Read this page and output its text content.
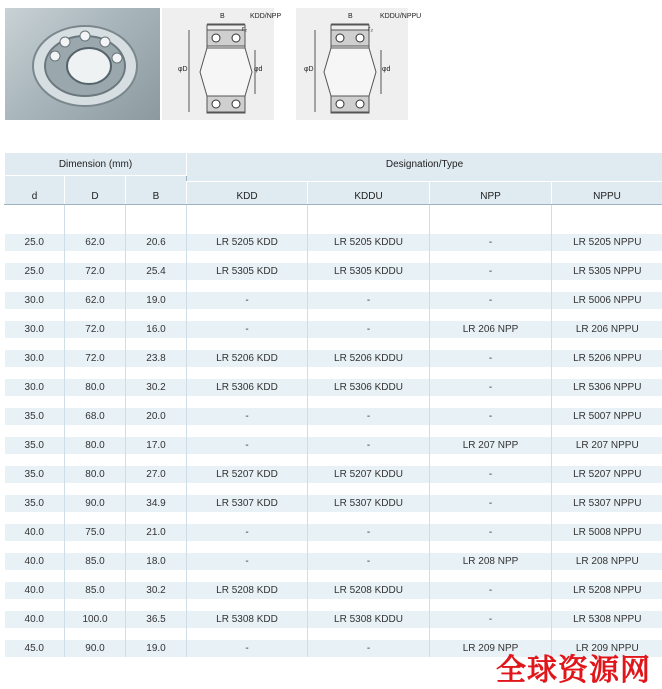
B	KDD/NPP
φD	φd
r₂
B	KDDU/NPPU
φD	φd
r₂
Dimension (mm)			Designation/Type			
d	D	B				
			KDD	KDDU	NPP	NPPU

25.0	62.0	20.6	LR 5205 KDD	LR 5205 KDDU	-	LR 5205 NPPU

25.0	72.0	25.4	LR 5305 KDD	LR 5305 KDDU	-	LR 5305 NPPU

30.0	62.0	19.0	-	-	-	LR 5006 NPPU

30.0	72.0	16.0	-	-	LR 206 NPP	LR 206 NPPU

30.0	72.0	23.8	LR 5206 KDD	LR 5206 KDDU	-	LR 5206 NPPU

30.0	80.0	30.2	LR 5306 KDD	LR 5306 KDDU	-	LR 5306 NPPU

35.0	68.0	20.0	-	-	-	LR 5007 NPPU

35.0	80.0	17.0	-	-	LR 207 NPP	LR 207 NPPU

35.0	80.0	27.0	LR 5207 KDD	LR 5207 KDDU	-	LR 5207 NPPU

35.0	90.0	34.9	LR 5307 KDD	LR 5307 KDDU	-	LR 5307 NPPU

40.0	75.0	21.0	-	-	-	LR 5008 NPPU

40.0	85.0	18.0	-	-	LR 208 NPP	LR 208 NPPU

40.0	85.0	30.2	LR 5208 KDD	LR 5208 KDDU	-	LR 5208 NPPU

40.0	100.0	36.5	LR 5308 KDD	LR 5308 KDDU	-	LR 5308 NPPU

45.0	90.0	19.0	-	-	LR 209 NPP	LR 209 NPPU
全球资源网
